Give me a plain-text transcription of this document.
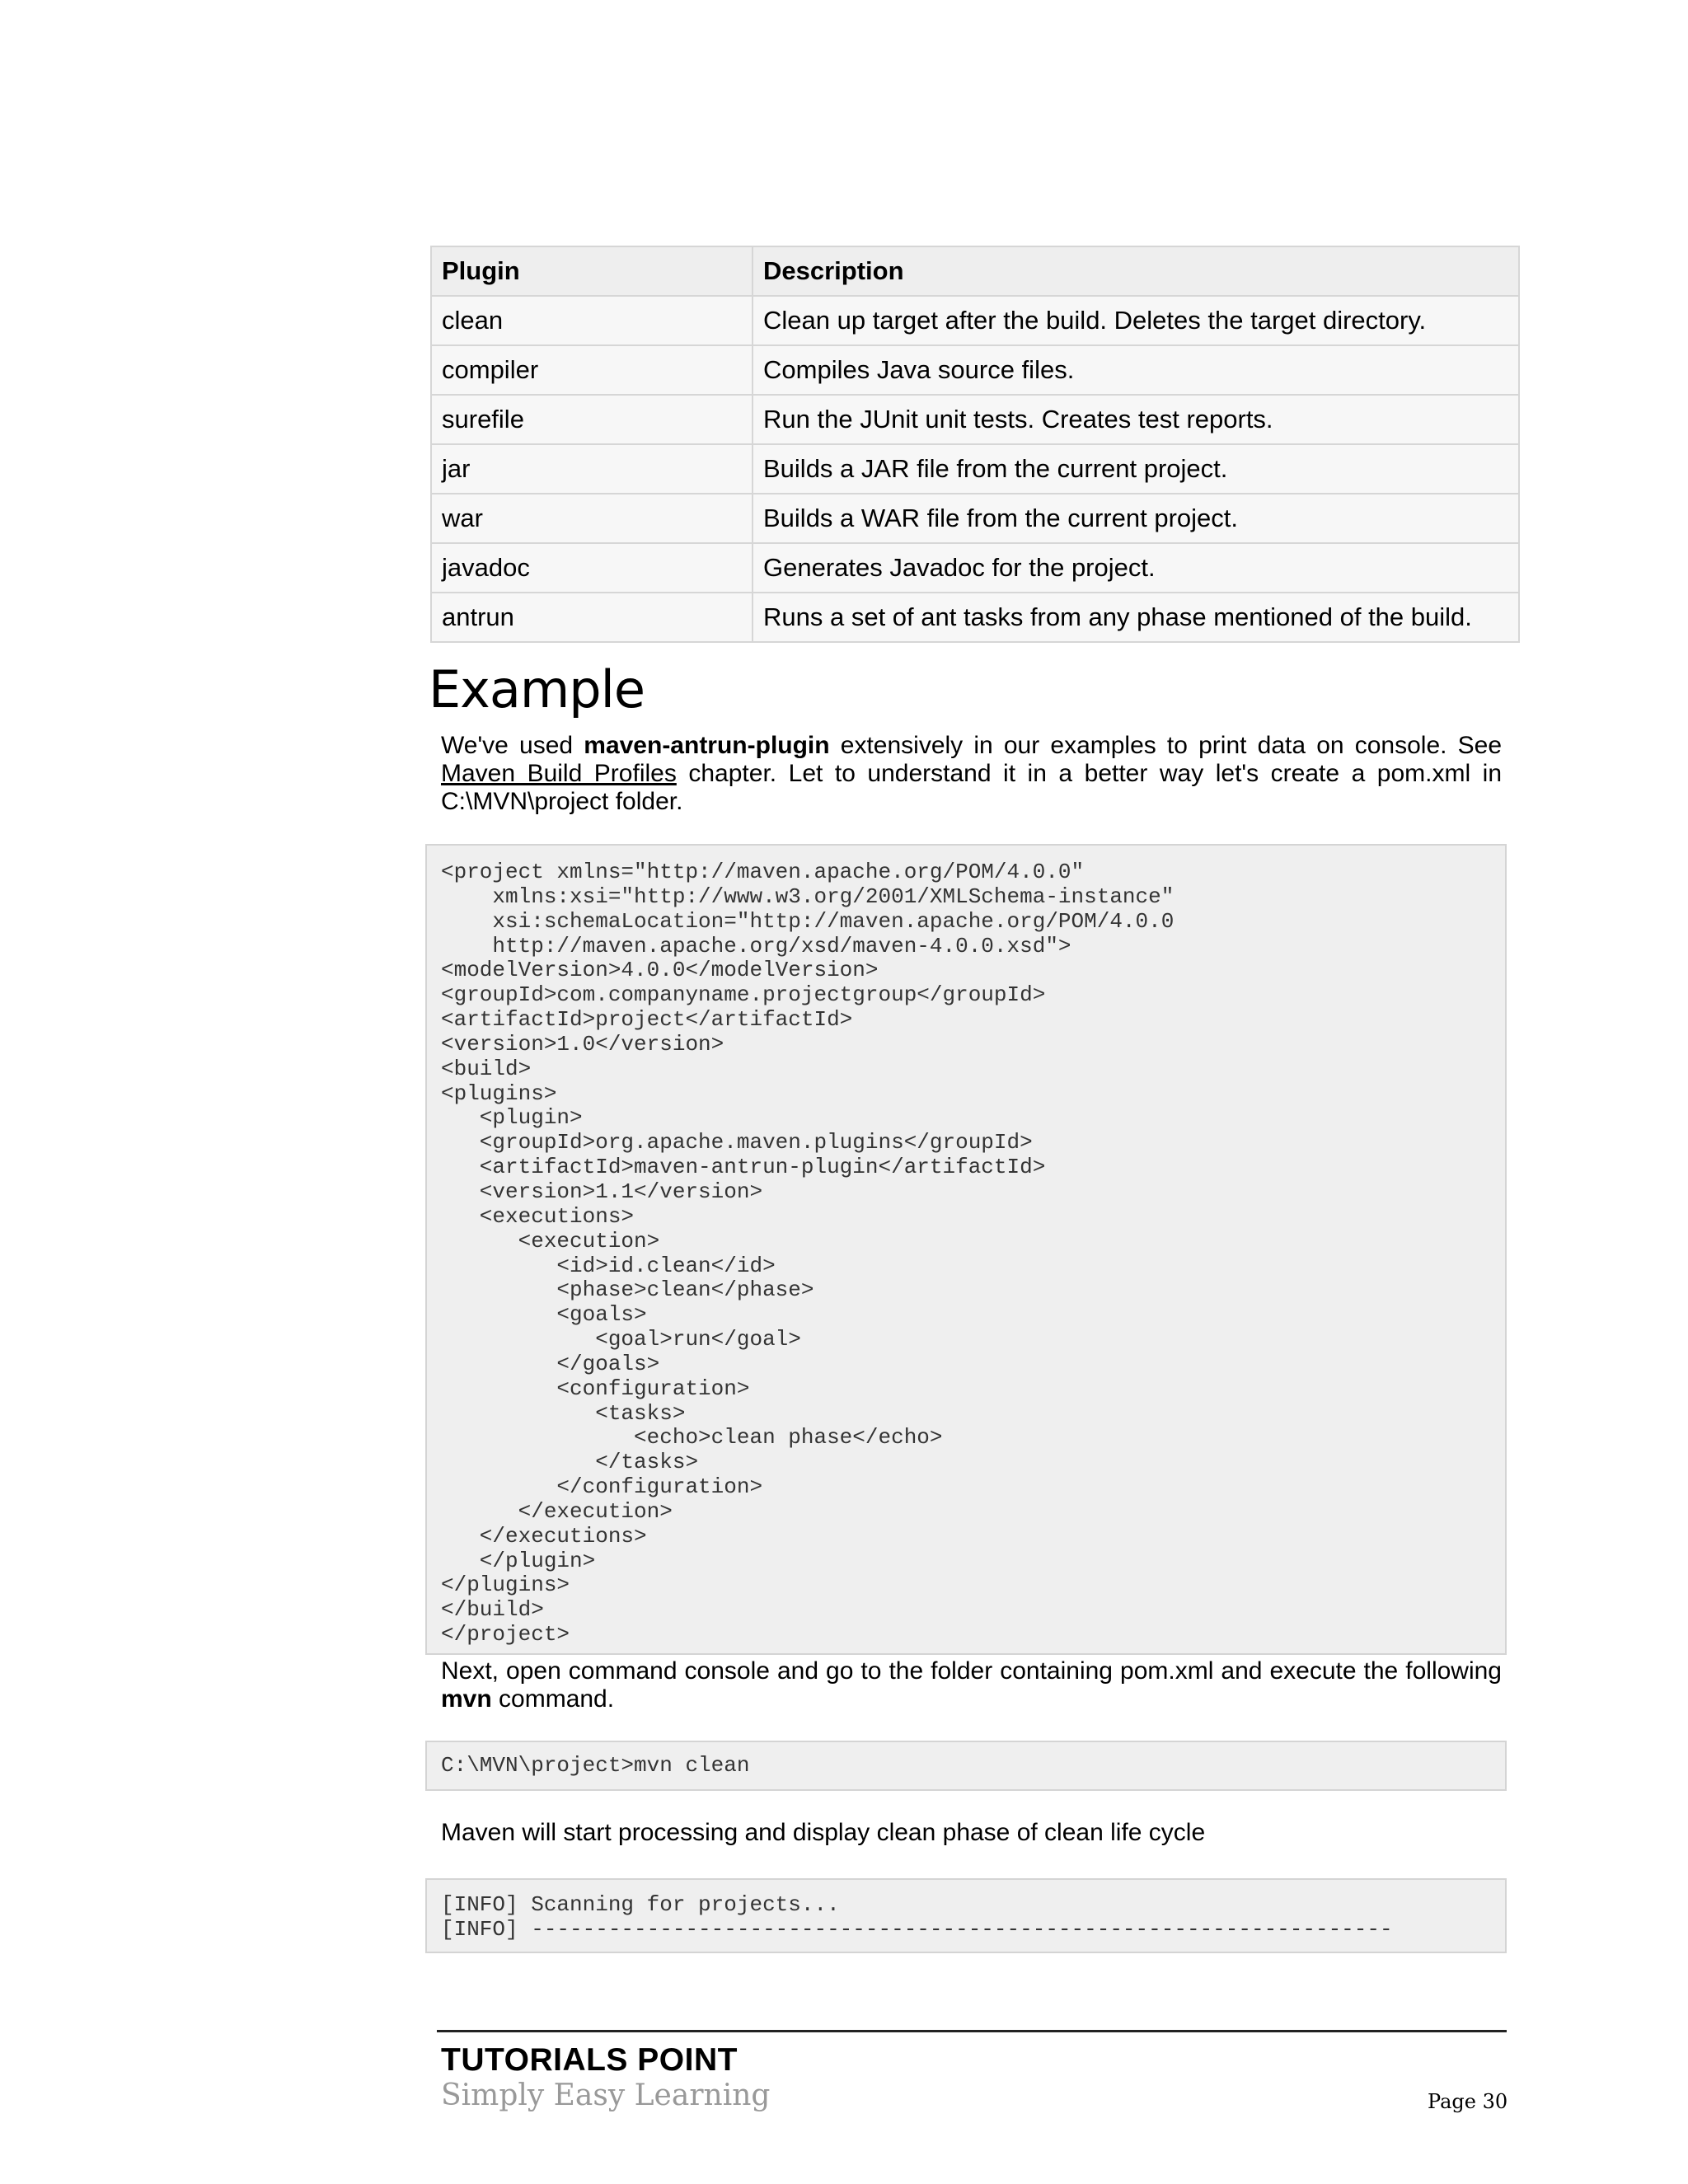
Plugin	Description
clean	Clean up target after the build. Deletes the target directory.
compiler	Compiles Java source files.
surefile	Run the JUnit unit tests. Creates test reports.
jar	Builds a JAR file from the current project.
war	Builds a WAR file from the current project.
javadoc	Generates Javadoc for the project.
antrun	Runs a set of ant tasks from any phase mentioned of the build.
Example

We've used maven-antrun-plugin extensively in our examples to print data on console. See Maven Build Profiles chapter. Let to understand it in a better way let's create a pom.xml in C:\MVN\project folder.

<project xmlns="http://maven.apache.org/POM/4.0.0"
xmlns:xsi="http://www.w3.org/2001/XMLSchema-instance"
xsi:schemaLocation="http://maven.apache.org/POM/4.0.0
http://maven.apache.org/xsd/maven-4.0.0.xsd">
<modelVersion>4.0.0</modelVersion>
<groupId>com.companyname.projectgroup</groupId>
<artifactId>project</artifactId>
<version>1.0</version>
<build>
<plugins>
<plugin>
<groupId>org.apache.maven.plugins</groupId>
<artifactId>maven-antrun-plugin</artifactId>
<version>1.1</version>
<executions>
<execution>
<id>id.clean</id>
<phase>clean</phase>
<goals>
<goal>run</goal>
</goals>
<configuration>
<tasks>
<echo>clean phase</echo>
</tasks>
</configuration>
</execution>
</executions>
</plugin>
</plugins>
</build>
</project>

Next, open command console and go to the folder containing pom.xml and execute the following mvn command.

C:\MVN\project>mvn clean

Maven will start processing and display clean phase of clean life cycle

[INFO] Scanning for projects...
[INFO] -------------------------------------------------------------------
TUTORIALS POINT
Simply Easy Learning	Page 30
